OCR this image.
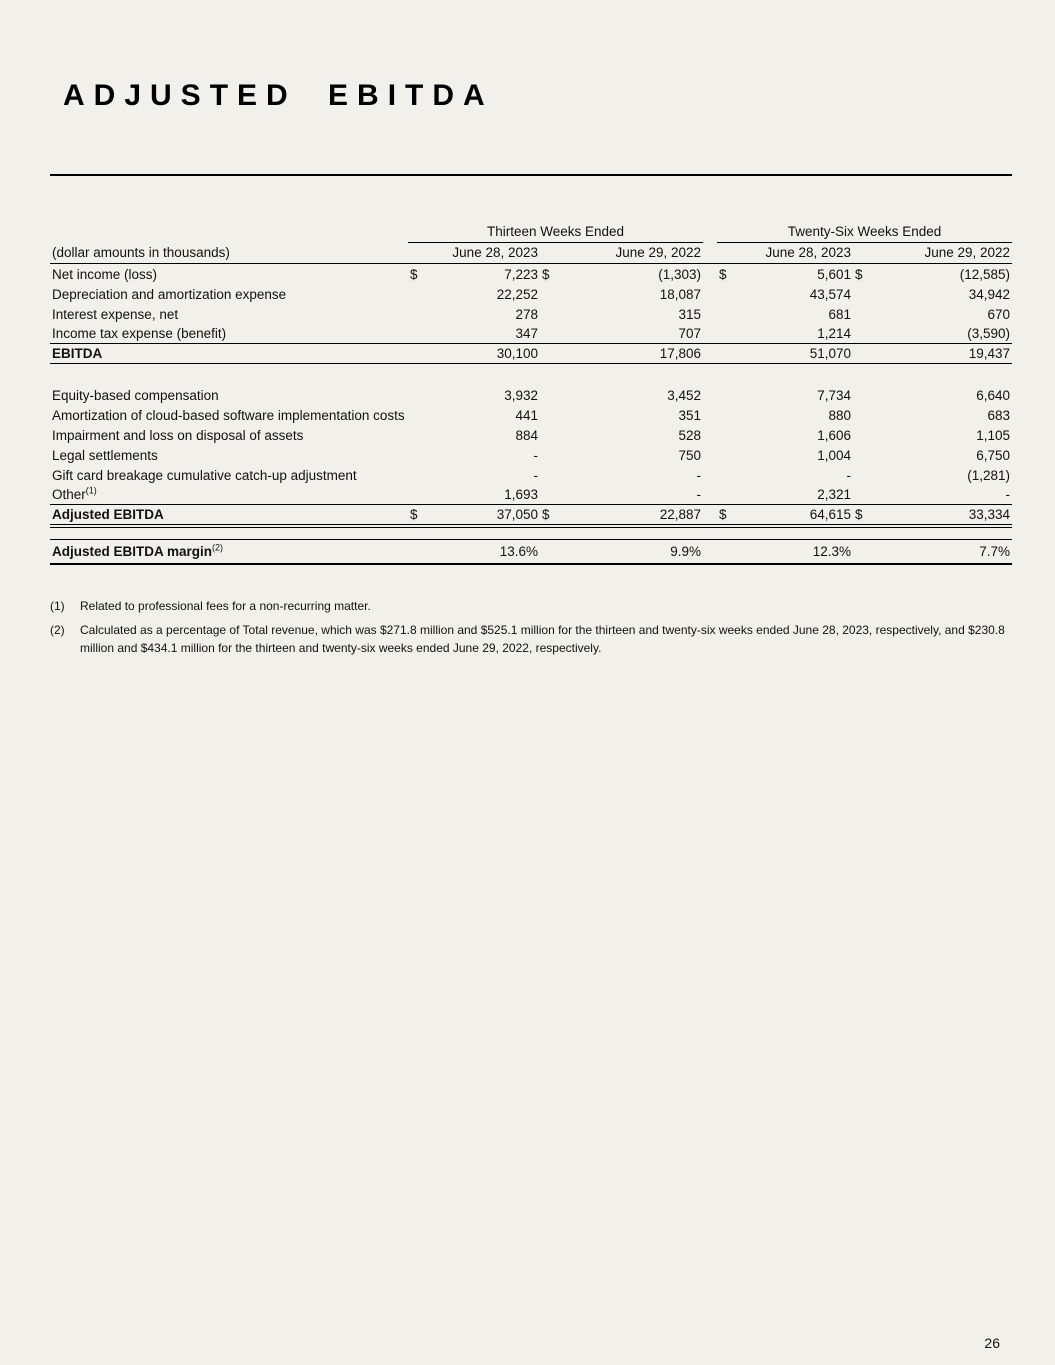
ADJUSTED EBITDA
	Thirteen Weeks Ended					Twenty-Six Weeks Ended			
(dollar amounts in thousands)	June 28, 2023		June 29, 2022			June 28, 2023		June 29, 2022	
Net income (loss)	$	7,223	$	(1,303)		$	5,601	$	(12,585)
Depreciation and amortization expense		22,252		18,087			43,574		34,942
Interest expense, net		278		315			681		670
Income tax expense (benefit)		347		707			1,214		(3,590)
EBITDA		30,100		17,806			51,070		19,437

Equity-based compensation		3,932		3,452			7,734		6,640
Amortization of cloud-based software implementation costs		441		351			880		683
Impairment and loss on disposal of assets		884		528			1,606		1,105
Legal settlements		-		750			1,004		6,750
Gift card breakage cumulative catch-up adjustment		-		-			-		(1,281)
Other$^{(1)}$		1,693		-			2,321		-
Adjusted EBITDA	$	37,050	$	22,887		$	64,615	$	33,334

Adjusted EBITDA margin$^{(2)}$		13.6%		9.9%			12.3%		7.7%
(1)	Related to professional fees for a non-recurring matter.
(2)	Calculated as a percentage of Total revenue, which was $271.8 million and $525.1 million for the thirteen and twenty-six weeks ended June 28, 2023, respectively, and $230.8 million and $434.1 million for the thirteen and twenty-six weeks ended June 29, 2022, respectively.
26
